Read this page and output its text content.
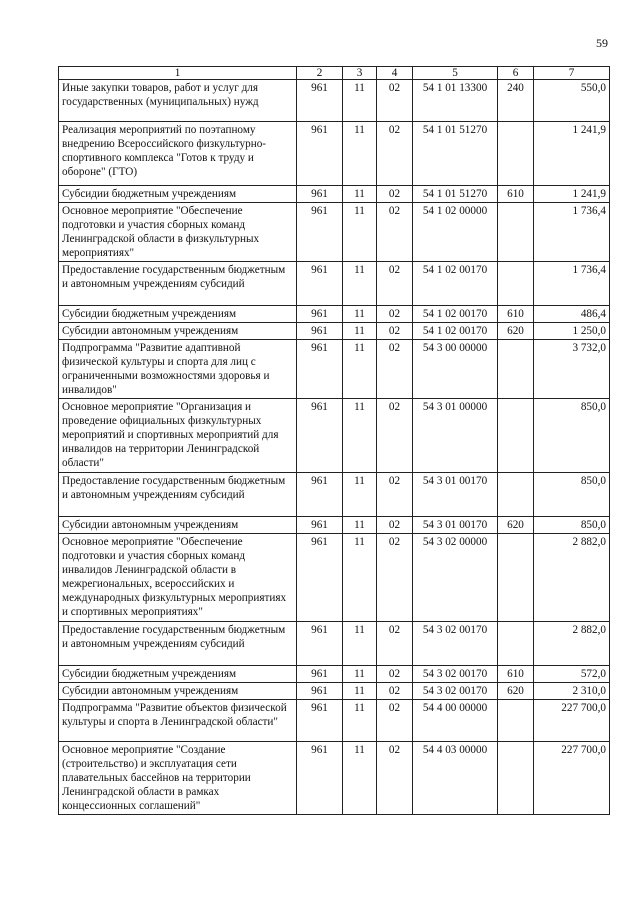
59
1	2	3	4	5	6	7
Иные закупки товаров, работ и услуг для государственных (муниципальных) нужд	961	11	02	54 1 01 13300	240	550,0
Реализация мероприятий по поэтапному внедрению Всероссийского физкультурно-спортивного комплекса "Готов к труду и обороне" (ГТО)	961	11	02	54 1 01 51270		1 241,9
Субсидии бюджетным учреждениям	961	11	02	54 1 01 51270	610	1 241,9
Основное мероприятие "Обеспечение подготовки и участия сборных команд Ленинградской области в физкультурных мероприятиях"	961	11	02	54 1 02 00000		1 736,4
Предоставление государственным бюджетным и автономным учреждениям субсидий	961	11	02	54 1 02 00170		1 736,4
Субсидии бюджетным учреждениям	961	11	02	54 1 02 00170	610	486,4
Субсидии автономным учреждениям	961	11	02	54 1 02 00170	620	1 250,0
Подпрограмма "Развитие адаптивной физической культуры и спорта для лиц с ограниченными возможностями здоровья и инвалидов"	961	11	02	54 3 00 00000		3 732,0
Основное мероприятие "Организация и проведение официальных физкультурных мероприятий и спортивных мероприятий для инвалидов на территории Ленинградской области"	961	11	02	54 3 01 00000		850,0
Предоставление государственным бюджетным и автономным учреждениям субсидий	961	11	02	54 3 01 00170		850,0
Субсидии автономным учреждениям	961	11	02	54 3 01 00170	620	850,0
Основное мероприятие "Обеспечение подготовки и участия сборных команд инвалидов Ленинградской области в межрегиональных, всероссийских и международных физкультурных мероприятиях и спортивных мероприятиях"	961	11	02	54 3 02 00000		2 882,0
Предоставление государственным бюджетным и автономным учреждениям субсидий	961	11	02	54 3 02 00170		2 882,0
Субсидии бюджетным учреждениям	961	11	02	54 3 02 00170	610	572,0
Субсидии автономным учреждениям	961	11	02	54 3 02 00170	620	2 310,0
Подпрограмма "Развитие объектов физической культуры и спорта в Ленинградской области"	961	11	02	54 4 00 00000		227 700,0
Основное мероприятие "Создание (строительство) и эксплуатация сети плавательных бассейнов на территории Ленинградской области в рамках концессионных соглашений"	961	11	02	54 4 03 00000		227 700,0
